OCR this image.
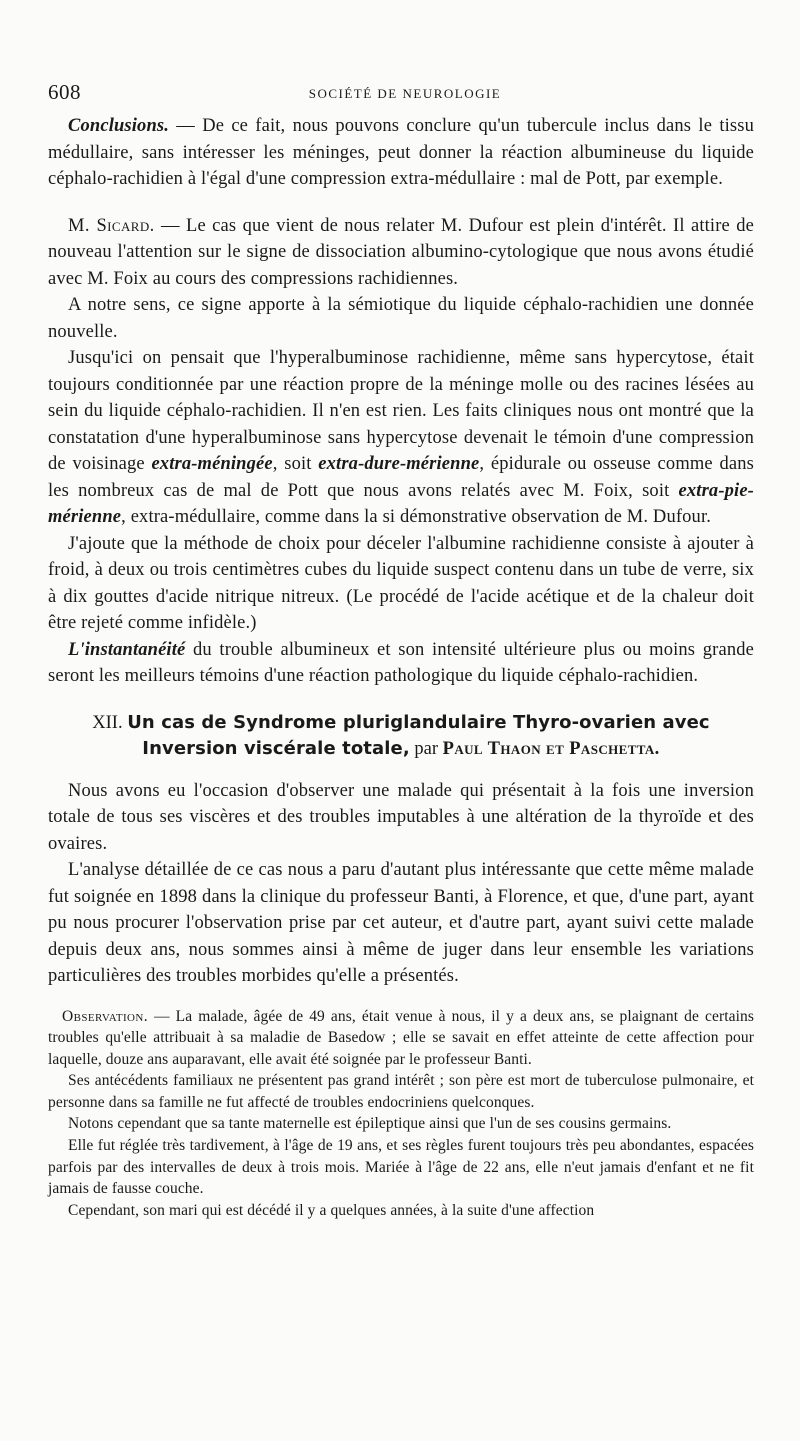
608	SOCIÉTÉ DE NEUROLOGIE

Conclusions. — De ce fait, nous pouvons conclure qu'un tubercule inclus dans le tissu médullaire, sans intéresser les méninges, peut donner la réaction albumineuse du liquide céphalo-rachidien à l'égal d'une compression extra-médullaire : mal de Pott, par exemple.

M. Sicard. — Le cas que vient de nous relater M. Dufour est plein d'intérêt. Il attire de nouveau l'attention sur le signe de dissociation albumino-cytologique que nous avons étudié avec M. Foix au cours des compressions rachidiennes.

A notre sens, ce signe apporte à la sémiotique du liquide céphalo-rachidien une donnée nouvelle.

Jusqu'ici on pensait que l'hyperalbuminose rachidienne, même sans hypercytose, était toujours conditionnée par une réaction propre de la méninge molle ou des racines lésées au sein du liquide céphalo-rachidien. Il n'en est rien. Les faits cliniques nous ont montré que la constatation d'une hyperalbuminose sans hypercytose devenait le témoin d'une compression de voisinage extra-méningée, soit extra-dure-mérienne, épidurale ou osseuse comme dans les nombreux cas de mal de Pott que nous avons relatés avec M. Foix, soit extra-pie-mérienne, extra-médullaire, comme dans la si démonstrative observation de M. Dufour.

J'ajoute que la méthode de choix pour déceler l'albumine rachidienne consiste à ajouter à froid, à deux ou trois centimètres cubes du liquide suspect contenu dans un tube de verre, six à dix gouttes d'acide nitrique nitreux. (Le procédé de l'acide acétique et de la chaleur doit être rejeté comme infidèle.)

L'instantanéité du trouble albumineux et son intensité ultérieure plus ou moins grande seront les meilleurs témoins d'une réaction pathologique du liquide céphalo-rachidien.

XII. Un cas de Syndrome pluriglandulaire Thyro-ovarien avec Inversion viscérale totale, par Paul Thaon et Paschetta.

Nous avons eu l'occasion d'observer une malade qui présentait à la fois une inversion totale de tous ses viscères et des troubles imputables à une altération de la thyroïde et des ovaires.

L'analyse détaillée de ce cas nous a paru d'autant plus intéressante que cette même malade fut soignée en 1898 dans la clinique du professeur Banti, à Florence, et que, d'une part, ayant pu nous procurer l'observation prise par cet auteur, et d'autre part, ayant suivi cette malade depuis deux ans, nous sommes ainsi à même de juger dans leur ensemble les variations particulières des troubles morbides qu'elle a présentés.

Observation. — La malade, âgée de 49 ans, était venue à nous, il y a deux ans, se plaignant de certains troubles qu'elle attribuait à sa maladie de Basedow ; elle se savait en effet atteinte de cette affection pour laquelle, douze ans auparavant, elle avait été soignée par le professeur Banti.

Ses antécédents familiaux ne présentent pas grand intérêt ; son père est mort de tuberculose pulmonaire, et personne dans sa famille ne fut affecté de troubles endocriniens quelconques.

Notons cependant que sa tante maternelle est épileptique ainsi que l'un de ses cousins germains.

Elle fut réglée très tardivement, à l'âge de 19 ans, et ses règles furent toujours très peu abondantes, espacées parfois par des intervalles de deux à trois mois. Mariée à l'âge de 22 ans, elle n'eut jamais d'enfant et ne fit jamais de fausse couche.

Cependant, son mari qui est décédé il y a quelques années, à la suite d'une affection
